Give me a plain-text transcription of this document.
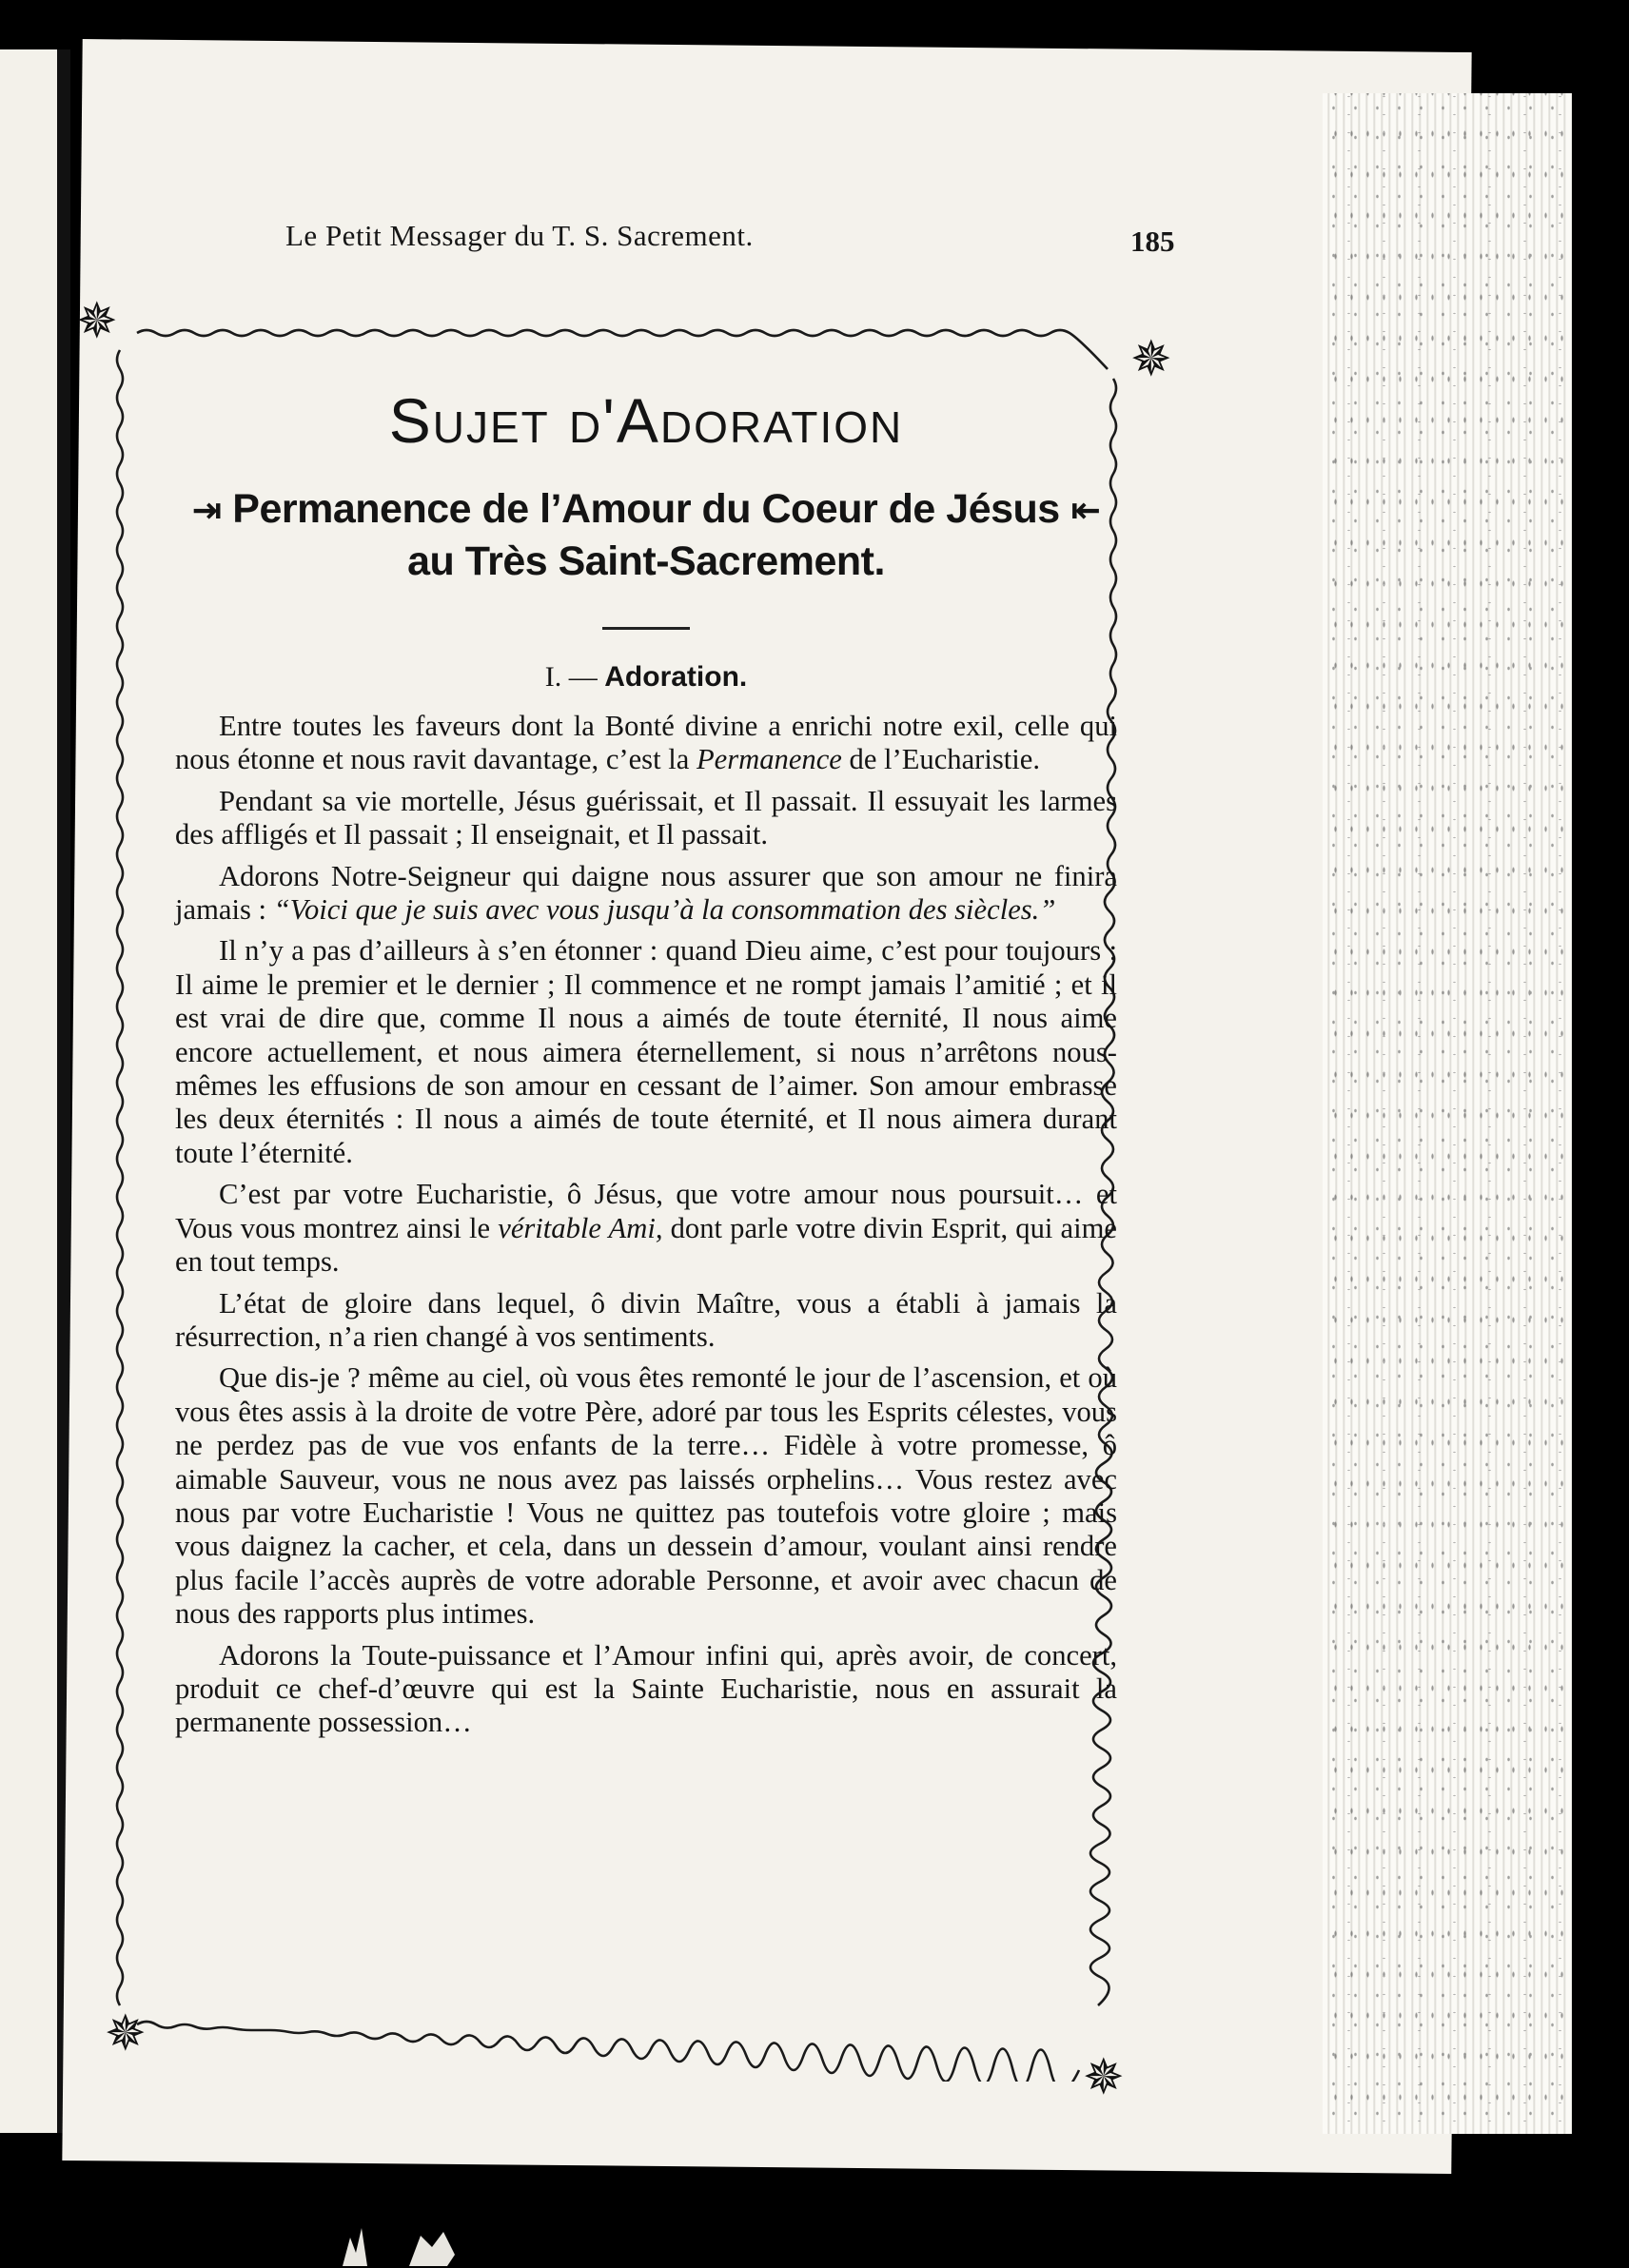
Le Petit Messager du T. S. Sacrement.	185
✵
✵
✵
✵
Sujet d'Adoration
⇥ Permanence de l’Amour du Coeur de Jésus ⇤
au Très Saint-Sacrement.
I. — Adoration.

Entre toutes les faveurs dont la Bonté divine a enrichi notre exil, celle qui nous étonne et nous ravit davantage, c’est la Permanence de l’Eucharistie.

Pendant sa vie mortelle, Jésus guérissait, et Il passait. Il essuyait les larmes des affligés et Il passait ; Il enseignait, et Il passait.

Adorons Notre-Seigneur qui daigne nous assurer que son amour ne finira jamais : “Voici que je suis avec vous jusqu’à la consommation des siècles.”

Il n’y a pas d’ailleurs à s’en étonner : quand Dieu aime, c’est pour toujours : Il aime le premier et le dernier ; Il commence et ne rompt jamais l’amitié ; et il est vrai de dire que, comme Il nous a aimés de toute éternité, Il nous aime encore actuellement, et nous aimera éternellement, si nous n’arrêtons nous-mêmes les effusions de son amour en cessant de l’aimer. Son amour embrasse les deux éternités : Il nous a aimés de toute éternité, et Il nous aimera durant toute l’éternité.

C’est par votre Eucharistie, ô Jésus, que votre amour nous poursuit… et Vous vous montrez ainsi le véritable Ami, dont parle votre divin Esprit, qui aime en tout temps.

L’état de gloire dans lequel, ô divin Maître, vous a établi à jamais la résurrection, n’a rien changé à vos sentiments.

Que dis-je ? même au ciel, où vous êtes remonté le jour de l’ascension, et où vous êtes assis à la droite de votre Père, adoré par tous les Esprits célestes, vous ne perdez pas de vue vos enfants de la terre… Fidèle à votre promesse, ô aimable Sauveur, vous ne nous avez pas laissés orphelins… Vous restez avec nous par votre Eucharistie ! Vous ne quittez pas toutefois votre gloire ; mais vous daignez la cacher, et cela, dans un dessein d’amour, voulant ainsi rendre plus facile l’accès auprès de votre adorable Personne, et avoir avec chacun de nous des rapports plus intimes.

Adorons la Toute-puissance et l’Amour infini qui, après avoir, de concert, produit ce chef-d’œuvre qui est la Sainte Eucharistie, nous en assurait la permanente possession…
